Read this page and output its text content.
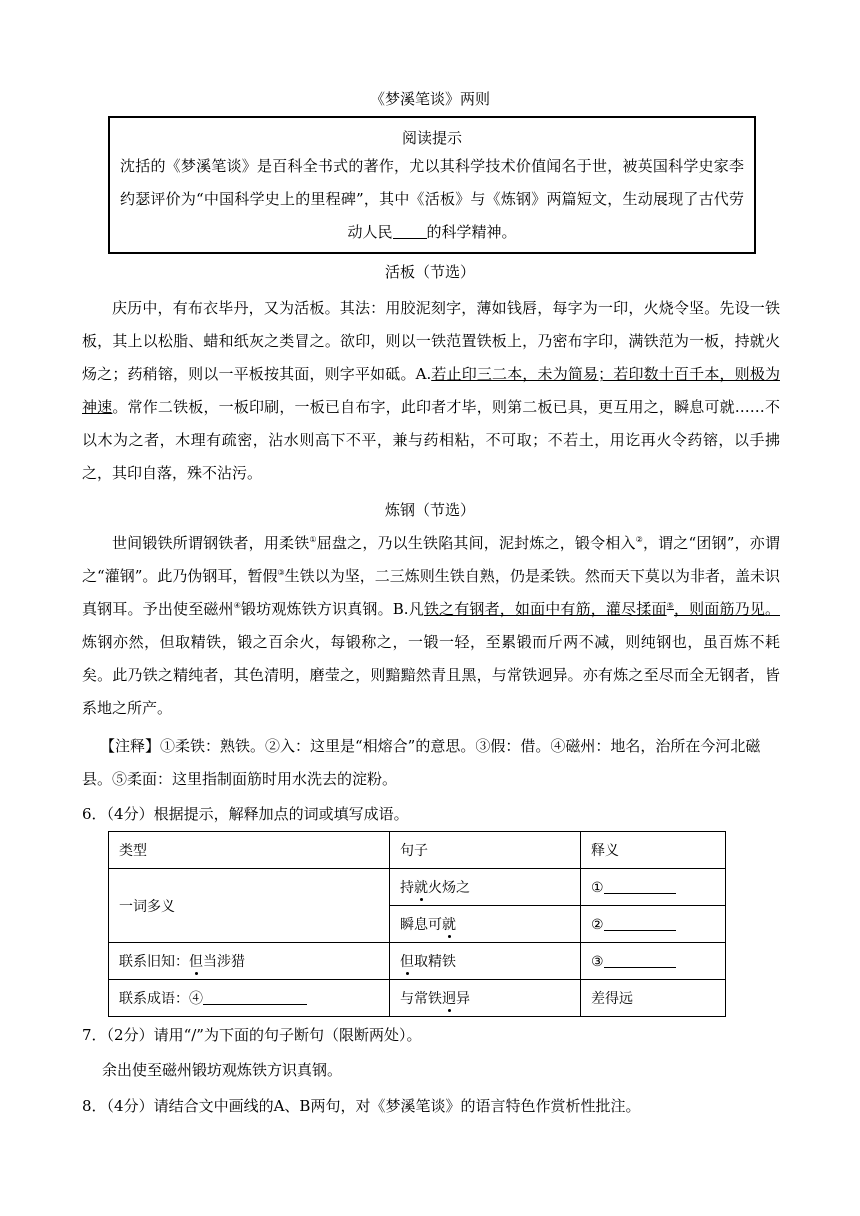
《梦溪笔谈》两则
阅读提示
沈括的《梦溪笔谈》是百科全书式的著作，尤以其科学技术价值闻名于世，被英国科学史家李约瑟评价为“中国科学史上的里程碑”，其中《活板》与《炼钢》两篇短文，生动展现了古代劳动人民 的科学精神。
活板（节选）

庆历中，有布衣毕丹，又为活板。其法：用胶泥刻字，薄如钱唇，每字为一印，火烧令坚。先设一铁板，其上以松脂、蜡和纸灰之类冒之。欲印，则以一铁范置铁板上，乃密布字印，满铁范为一板，持就火炀之；药稍镕，则以一平板按其面，则字平如砥。A.若止印三二本，未为简易；若印数十百千本，则极为神速。常作二铁板，一板印刷，一板已自布字，此印者才毕，则第二板已具，更互用之，瞬息可就……不以木为之者，木理有疏密，沾水则高下不平，兼与药相粘，不可取；不若土，用讫再火令药镕，以手拂之，其印自落，殊不沾污。

炼钢（节选）

世间锻铁所谓钢铁者，用柔铁①屈盘之，乃以生铁陷其间，泥封炼之，锻令相入②，谓之“团钢”，亦谓之“灌钢”。此乃伪钢耳，暂假③生铁以为坚，二三炼则生铁自熟，仍是柔铁。然而天下莫以为非者，盖未识真钢耳。予出使至磁州④锻坊观炼铁方识真钢。B.凡铁之有钢者，如面中有筋，灌尽揉面⑤，则面筋乃见。炼钢亦然，但取精铁，锻之百余火，每锻称之，一锻一轻，至累锻而斤两不减，则纯钢也，虽百炼不耗矣。此乃铁之精纯者，其色清明，磨莹之，则黯黯然青且黑，与常铁迥异。亦有炼之至尽而全无钢者，皆系地之所产。

【注释】①柔铁：熟铁。②入：这里是“相熔合”的意思。③假：借。④磁州：地名，治所在今河北磁县。⑤柔面：这里指制面筋时用水洗去的淀粉。

6．（4分）根据提示，解释加点的词或填写成语。
类型	句子	释义
一词多义	持就火炀之	①
	瞬息可就	②
联系旧知：但当涉猎	但取精铁	③
联系成语：④	与常铁迥异	差得远
7．（2分）请用“/”为下面的句子断句（限断两处）。
余出使至磁州锻坊观炼铁方识真钢。
8．（4分）请结合文中画线的A、B两句，对《梦溪笔谈》的语言特色作赏析性批注。
